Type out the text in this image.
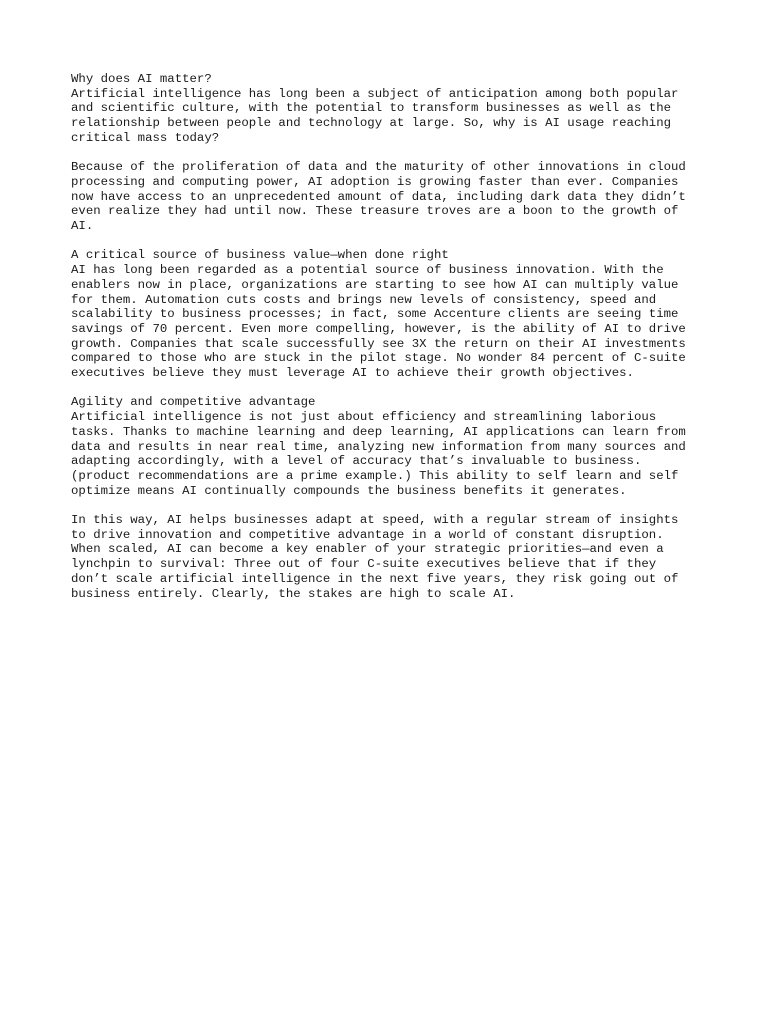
Why does AI matter?
Artificial intelligence has long been a subject of anticipation among both popular
and scientific culture, with the potential to transform businesses as well as the
relationship between people and technology at large. So, why is AI usage reaching
critical mass today?

Because of the proliferation of data and the maturity of other innovations in cloud
processing and computing power, AI adoption is growing faster than ever. Companies
now have access to an unprecedented amount of data, including dark data they didn’t
even realize they had until now. These treasure troves are a boon to the growth of
AI.

A critical source of business value—when done right
AI has long been regarded as a potential source of business innovation. With the
enablers now in place, organizations are starting to see how AI can multiply value
for them. Automation cuts costs and brings new levels of consistency, speed and
scalability to business processes; in fact, some Accenture clients are seeing time
savings of 70 percent. Even more compelling, however, is the ability of AI to drive
growth. Companies that scale successfully see 3X the return on their AI investments
compared to those who are stuck in the pilot stage. No wonder 84 percent of C-suite
executives believe they must leverage AI to achieve their growth objectives.

Agility and competitive advantage
Artificial intelligence is not just about efficiency and streamlining laborious
tasks. Thanks to machine learning and deep learning, AI applications can learn from
data and results in near real time, analyzing new information from many sources and
adapting accordingly, with a level of accuracy that’s invaluable to business.
(product recommendations are a prime example.) This ability to self learn and self
optimize means AI continually compounds the business benefits it generates.

In this way, AI helps businesses adapt at speed, with a regular stream of insights
to drive innovation and competitive advantage in a world of constant disruption.
When scaled, AI can become a key enabler of your strategic priorities—and even a
lynchpin to survival: Three out of four C-suite executives believe that if they
don’t scale artificial intelligence in the next five years, they risk going out of
business entirely. Clearly, the stakes are high to scale AI.
